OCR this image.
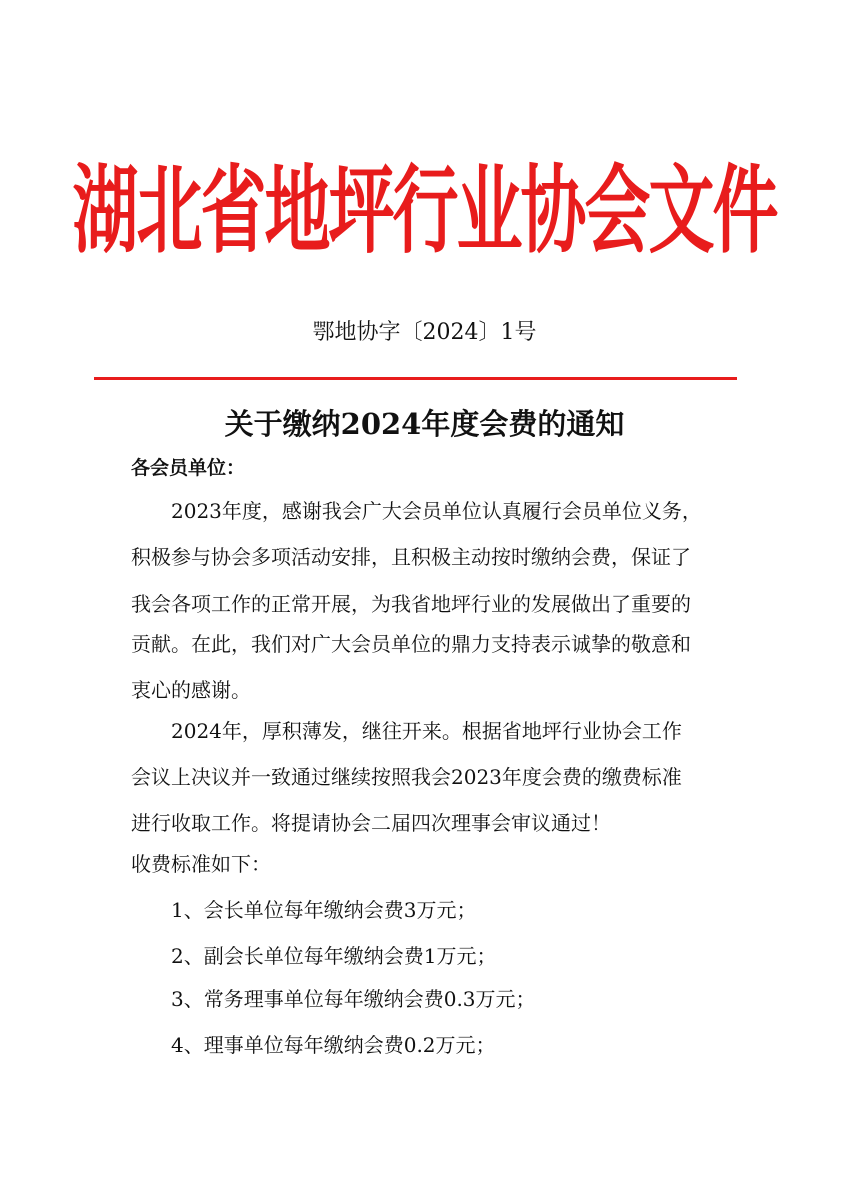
湖北省地坪行业协会文件
鄂地协字〔2024〕1号
关于缴纳2024年度会费的通知
各会员单位：

2023年度，感谢我会广大会员单位认真履行会员单位义务，

积极参与协会多项活动安排，且积极主动按时缴纳会费，保证了

我会各项工作的正常开展，为我省地坪行业的发展做出了重要的

贡献。在此，我们对广大会员单位的鼎力支持表示诚挚的敬意和

衷心的感谢。

2024年，厚积薄发，继往开来。根据省地坪行业协会工作

会议上决议并一致通过继续按照我会2023年度会费的缴费标准

进行收取工作。将提请协会二届四次理事会审议通过！

收费标准如下：

1、会长单位每年缴纳会费3万元；

2、副会长单位每年缴纳会费1万元；

3、常务理事单位每年缴纳会费0.3万元；

4、理事单位每年缴纳会费0.2万元；
